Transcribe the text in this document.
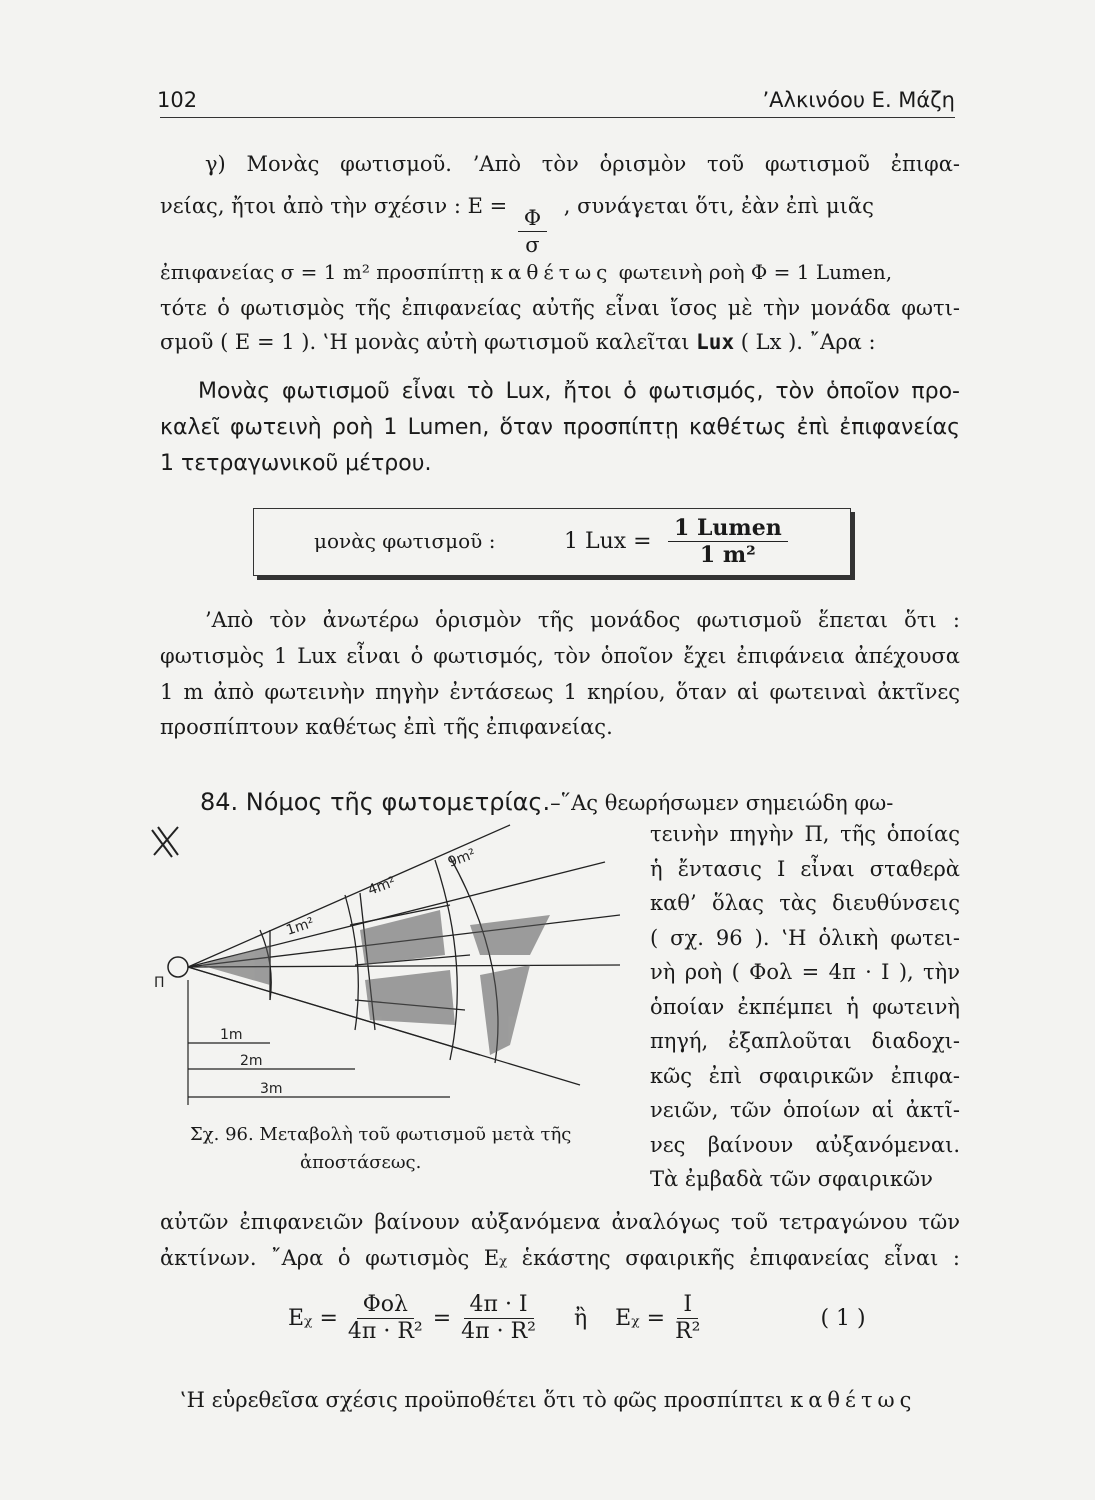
102	’Αλκινόου Ε. Μάζη
γ) Μονὰς φωτισμοῦ. ’Απὸ τὸν ὁρισμὸν τοῦ φωτισμοῦ ἐπιφα-
νείας, ἤτοι ἀπὸ τὴν σχέσιν : $E = \frac{\Phi}{\sigma}$ , συνάγεται ὅτι, ἐὰν ἐπὶ μιᾶς
ἐπιφανείας σ = 1 m² προσπίπτῃ καθέτως φωτεινὴ ροὴ Φ = 1 Lumen,
τότε ὁ φωτισμὸς τῆς ἐπιφανείας αὐτῆς εἶναι ἴσος μὲ τὴν μονάδα φωτι-
σμοῦ ( Ε = 1 ). ‛Η μονὰς αὐτὴ φωτισμοῦ καλεῖται Lux ( Lx ). ῎Αρα :
Μονὰς φωτισμοῦ εἶναι τὸ Lux, ἤτοι ὁ φωτισμός, τὸν ὁποῖον προ-
καλεῖ φωτεινὴ ροὴ 1 Lumen, ὅταν προσπίπτῃ καθέτως ἐπὶ ἐπιφανείας
1 τετραγωνικοῦ μέτρου.
μονὰς φωτισμοῦ :	1 Lux = $\frac{\text{1 Lumen}}{\text{1 m²}}$
’Απὸ τὸν ἀνωτέρω ὁρισμὸν τῆς μονάδος φωτισμοῦ ἕπεται ὅτι :
φωτισμὸς 1 Lux εἶναι ὁ φωτισμός, τὸν ὁποῖον ἔχει ἐπιφάνεια ἀπέχουσα
1 m ἀπὸ φωτεινὴν πηγὴν ἐντάσεως 1 κηρίου, ὅταν αἱ φωτειναὶ ἀκτῖνες
προσπίπτουν καθέτως ἐπὶ τῆς ἐπιφανείας.
84. Νόμος τῆς φωτομετρίας.–῞Ας θεωρήσωμεν σημειώδη φω-
τεινὴν πηγὴν Π, τῆς ὁποίας
ἡ ἔντασις Ι εἶναι σταθερὰ
καθ’ ὅλας τὰς διευθύνσεις
( σχ. 96 ). ‛Η ὁλικὴ φωτει-
νὴ ροὴ ( Φολ = 4π · Ι ), τὴν
ὁποίαν ἐκπέμπει ἡ φωτεινὴ
πηγή, ἐξαπλοῦται διαδοχι-
κῶς ἐπὶ σφαιρικῶν ἐπιφα-
νειῶν, τῶν ὁποίων αἱ ἀκτῖ-
νες βαίνουν αὐξανόμεναι.
Τὰ ἐμβαδὰ τῶν σφαιρικῶν
Π
1m²
4m²
9m²
1m
2m
3m
Σχ. 96. Μεταβολὴ τοῦ φωτισμοῦ μετὰ τῆς
ἀποστάσεως.
αὐτῶν ἐπιφανειῶν βαίνουν αὐξανόμενα ἀναλόγως τοῦ τετραγώνου τῶν
ἀκτίνων. ῎Αρα ὁ φωτισμὸς Εᵪ ἑκάστης σφαιρικῆς ἐπιφανείας εἶναι :
Εᵪ = $\frac{\text{Φολ}}{\text{4π · R²}} = \frac{4\pi \cdot I}{\text{4π · R²}}$ ἢ Εᵪ = $\frac{I}{\text{R²}}$	( 1 )
‛Η εὑρεθεῖσα σχέσις προϋποθέτει ὅτι τὸ φῶς προσπίπτει καθέτως
